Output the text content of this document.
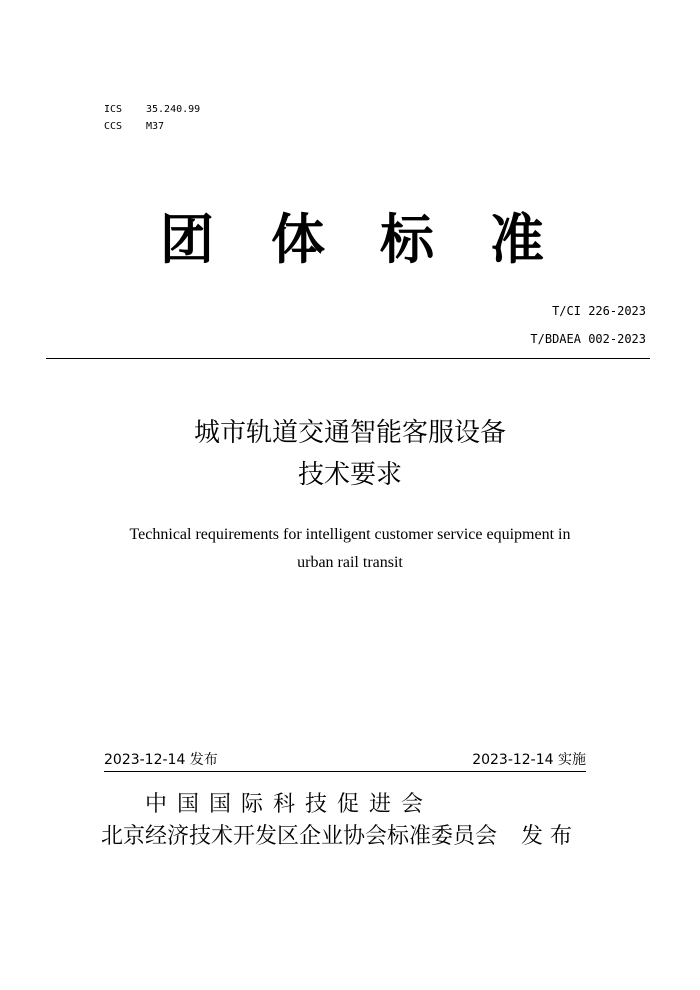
ICS	35.240.99
CCS	M37
团 体 标 准
T/CI 226-2023
T/BDAEA 002-2023
城市轨道交通智能客服设备
技术要求
Technical requirements for intelligent customer service equipment in
urban rail transit
2023-12-14 发布	2023-12-14 实施
中国国际科技促进会
北京经济技术开发区企业协会标准委员会 发 布
